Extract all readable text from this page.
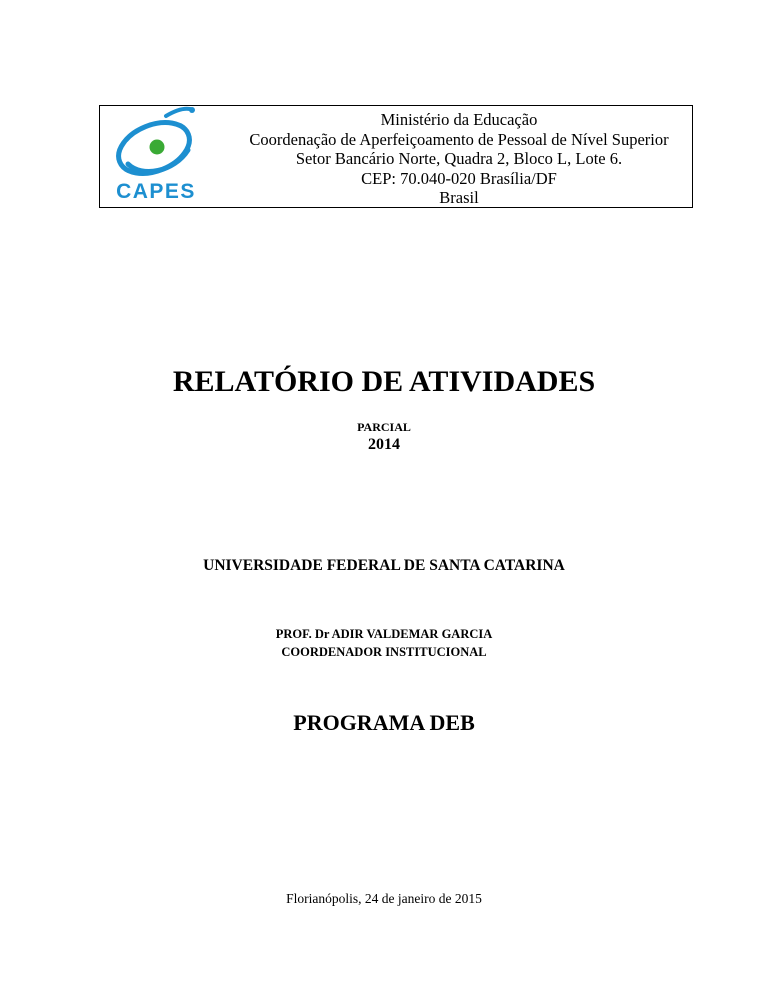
CAPES
Ministério da Educação
Coordenação de Aperfeiçoamento de Pessoal de Nível Superior
Setor Bancário Norte, Quadra 2, Bloco L, Lote 6.
CEP: 70.040-020 Brasília/DF
Brasil
RELATÓRIO DE ATIVIDADES
PARCIAL
2014
UNIVERSIDADE FEDERAL DE SANTA CATARINA
PROF. Dr ADIR VALDEMAR GARCIA
COORDENADOR INSTITUCIONAL
PROGRAMA DEB
Florianópolis, 24 de janeiro de 2015
